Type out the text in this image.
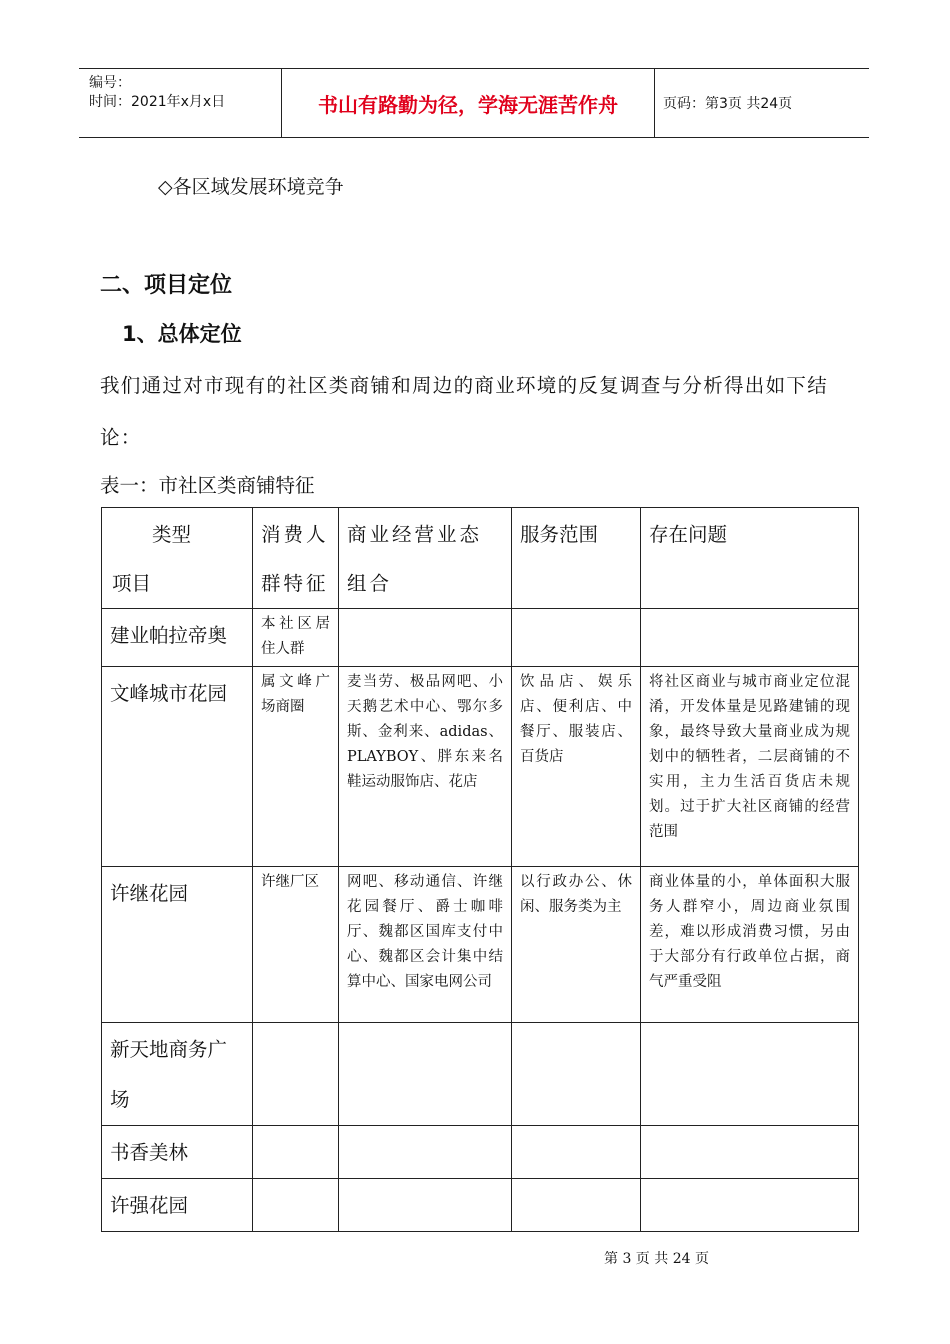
编号：
时间：2021年x月x日	书山有路勤为径，学海无涯苦作舟	页码：第3页 共24页
◇各区域发展环境竞争
二、项目定位
1、总体定位
我们通过对市现有的社区类商铺和周边的商业环境的反复调查与分析得出如下结论：
表一：市社区类商铺特征
类型
项目	消费人群特征	商业经营业态组合	服务范围	存在问题
建业帕拉帝奥	本社区居住人群			
文峰城市花园	属文峰广场商圈	麦当劳、极品网吧、小天鹅艺术中心、鄂尔多斯、金利来、adidas、PLAYBOY、胖东来名鞋运动服饰店、花店	饮品店、娱乐店、便利店、中餐厅、服装店、百货店	将社区商业与城市商业定位混淆，开发体量是见路建铺的现象，最终导致大量商业成为规划中的牺牲者，二层商铺的不实用，主力生活百货店未规划。过于扩大社区商铺的经营范围
许继花园	许继厂区	网吧、移动通信、许继花园餐厅、爵士咖啡厅、魏都区国库支付中心、魏都区会计集中结算中心、国家电网公司	以行政办公、休闲、服务类为主	商业体量的小，单体面积大服务人群窄小，周边商业氛围差，难以形成消费习惯，另由于大部分有行政单位占据，商气严重受阻
新天地商务广场				
书香美林				
许强花园				
第 3 页 共 24 页
